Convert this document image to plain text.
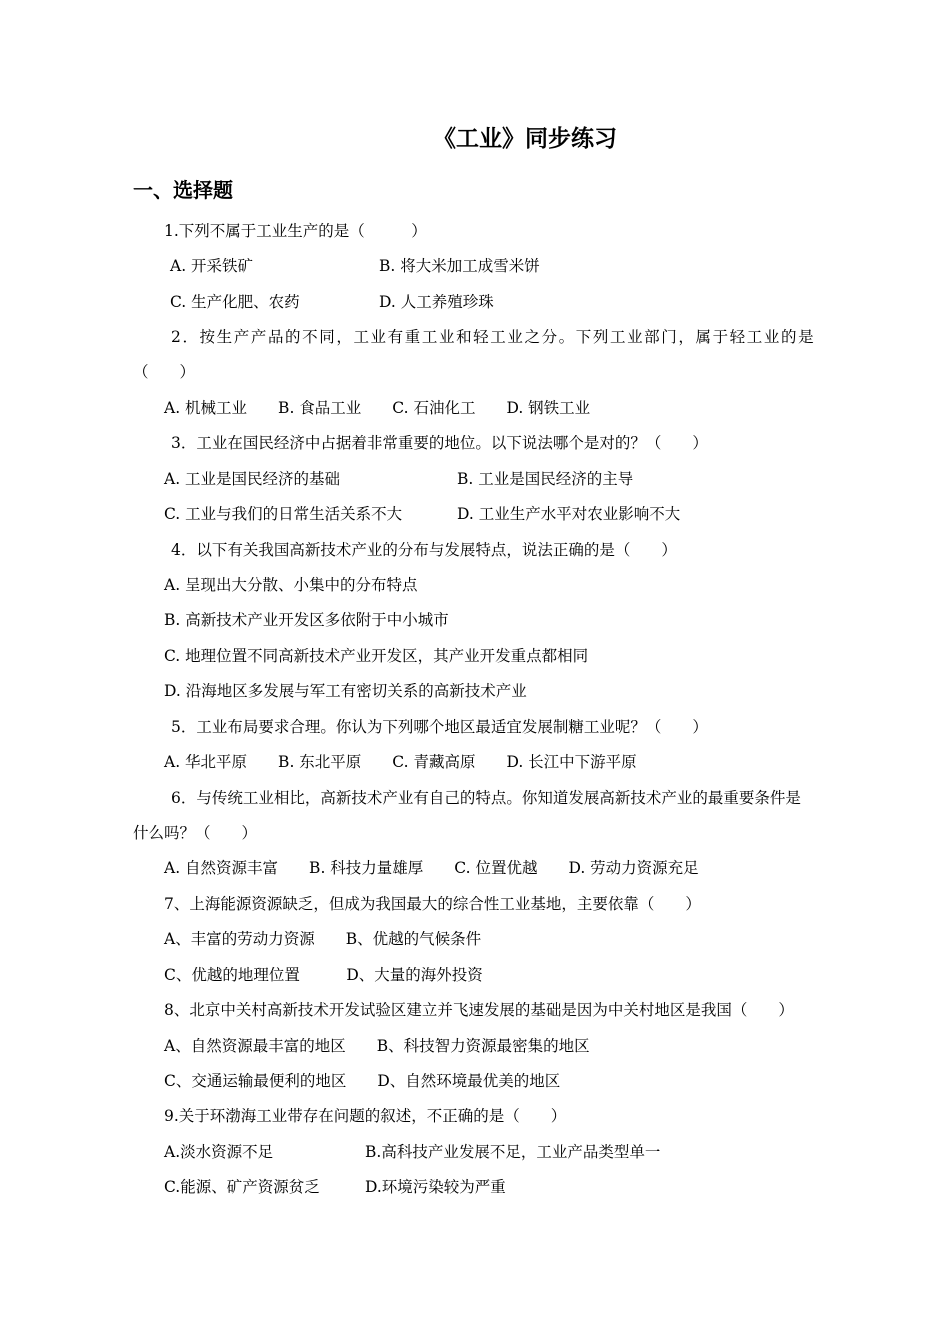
《工业》同步练习
一、选择题
1.下列不属于工业生产的是（　　　）
A. 开采铁矿	B. 将大米加工成雪米饼
C. 生产化肥、农药	D. 人工养殖珍珠
2．按生产产品的不同，工业有重工业和轻工业之分。下列工业部门，属于轻工业的是
（　　）
A. 机械工业　　B. 食品工业　　C. 石油化工　　D. 钢铁工业
3．工业在国民经济中占据着非常重要的地位。以下说法哪个是对的？（　　）
A. 工业是国民经济的基础	B. 工业是国民经济的主导
C. 工业与我们的日常生活关系不大	D. 工业生产水平对农业影响不大
4．以下有关我国高新技术产业的分布与发展特点，说法正确的是（　　）
A. 呈现出大分散、小集中的分布特点
B. 高新技术产业开发区多依附于中小城市
C. 地理位置不同高新技术产业开发区，其产业开发重点都相同
D. 沿海地区多发展与军工有密切关系的高新技术产业
5．工业布局要求合理。你认为下列哪个地区最适宜发展制糖工业呢？（　　）
A. 华北平原　　B. 东北平原　　C. 青藏高原　　D. 长江中下游平原
6．与传统工业相比，高新技术产业有自己的特点。你知道发展高新技术产业的最重要条件是
什么吗？（　　）
A. 自然资源丰富　　B. 科技力量雄厚　　C. 位置优越　　D. 劳动力资源充足
7、上海能源资源缺乏，但成为我国最大的综合性工业基地，主要依靠（　　）
A、丰富的劳动力资源　　B、优越的气候条件
C、优越的地理位置　　　D、大量的海外投资
8、北京中关村高新技术开发试验区建立并飞速发展的基础是因为中关村地区是我国（　　）
A、自然资源最丰富的地区　　B、科技智力资源最密集的地区
C、交通运输最便利的地区　　D、自然环境最优美的地区
9.关于环渤海工业带存在问题的叙述，不正确的是（　　）
A.淡水资源不足	B.高科技产业发展不足，工业产品类型单一
C.能源、矿产资源贫乏	D.环境污染较为严重
